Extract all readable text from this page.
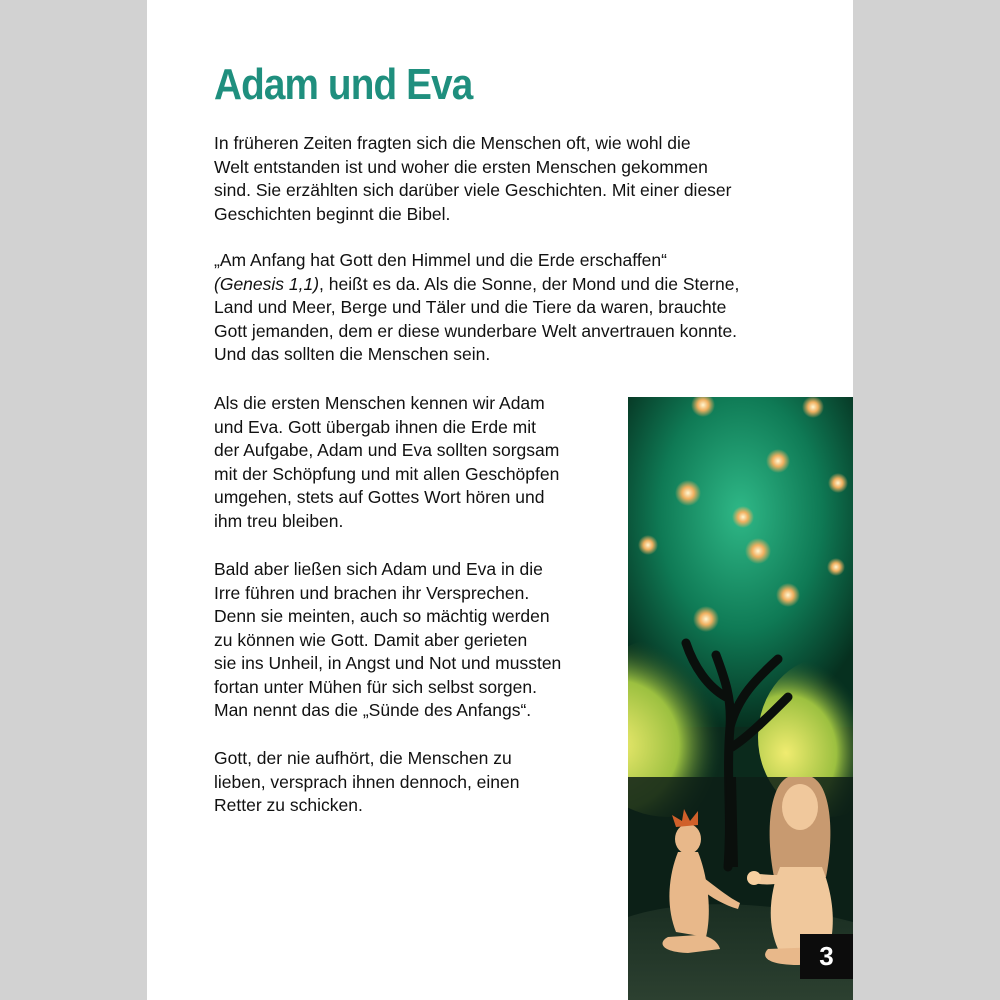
Adam und Eva

In früheren Zeiten fragten sich die Menschen oft, wie wohl die
Welt entstanden ist und woher die ersten Menschen gekommen
sind. Sie erzählten sich darüber viele Geschichten. Mit einer dieser
Geschichten beginnt die Bibel.

„Am Anfang hat Gott den Himmel und die Erde erschaffen“
(Genesis 1,1), heißt es da. Als die Sonne, der Mond und die Sterne,
Land und Meer, Berge und Täler und die Tiere da waren, brauchte
Gott jemanden, dem er diese wunderbare Welt anvertrauen konnte.
Und das sollten die Menschen sein.

Als die ersten Menschen kennen wir Adam
und Eva. Gott übergab ihnen die Erde mit
der Aufgabe, Adam und Eva sollten sorgsam
mit der Schöpfung und mit allen Geschöpfen
umgehen, stets auf Gottes Wort hören und
ihm treu bleiben.

Bald aber ließen sich Adam und Eva in die
Irre führen und brachen ihr Versprechen.
Denn sie meinten, auch so mächtig werden
zu können wie Gott. Damit aber gerieten
sie ins Unheil, in Angst und Not und mussten
fortan unter Mühen für sich selbst sorgen.
Man nennt das die „Sünde des Anfangs“.

Gott, der nie aufhört, die Menschen zu
lieben, versprach ihnen dennoch, einen
Retter zu schicken.

3
